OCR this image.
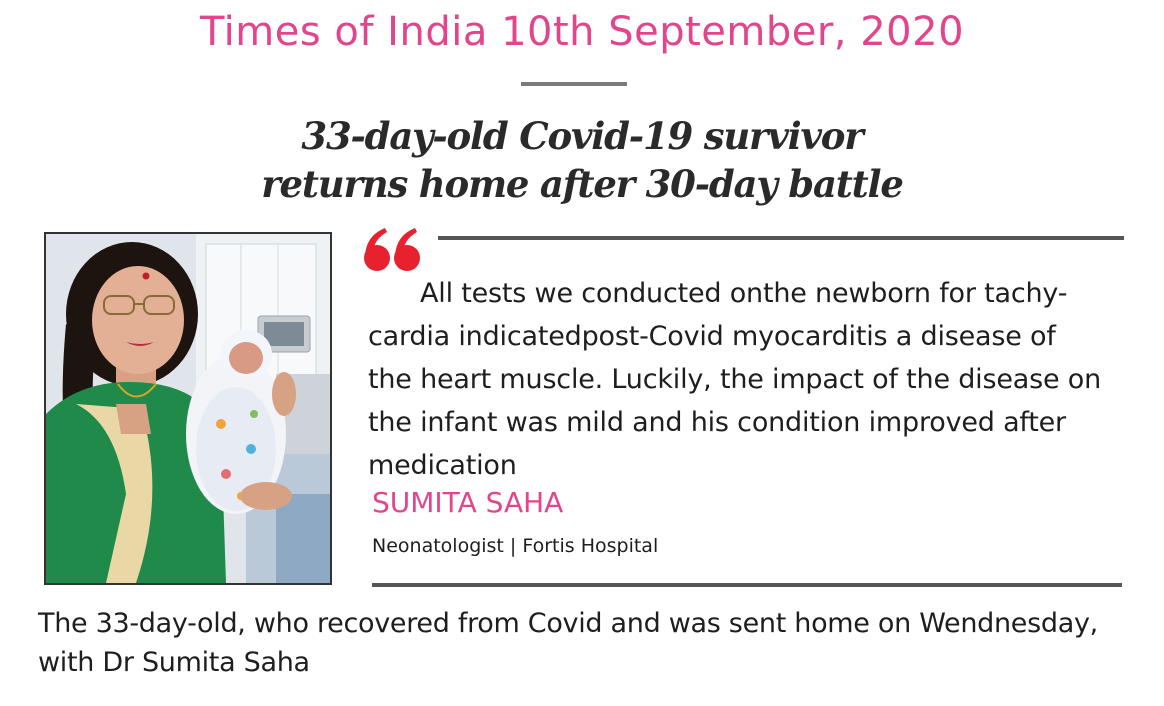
Times of India 10th September, 2020
33-day-old Covid-19 survivor
returns home after 30-day battle
All tests we conducted onthe newborn for tachy-
cardia indicatedpost-Covid myocarditis a disease of
the heart muscle. Luckily, the impact of the disease on
the infant was mild and his condition improved after
medication
SUMITA SAHA
Neonatologist | Fortis Hospital
The 33-day-old, who recovered from Covid and was sent home on Wendnesday,
with Dr Sumita Saha
